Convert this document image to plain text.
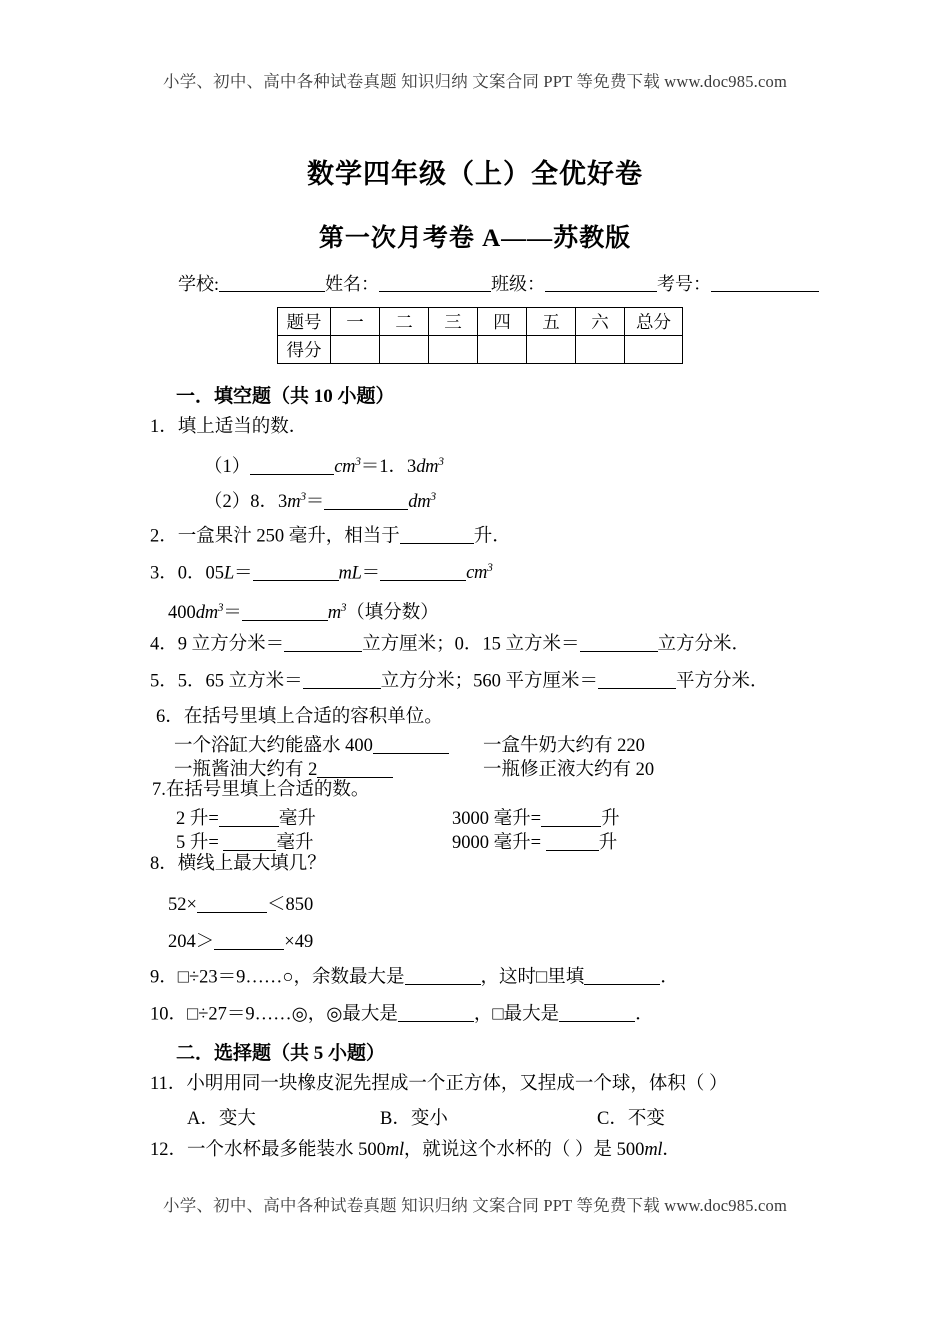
小学、初中、高中各种试卷真题 知识归纳 文案合同 PPT 等免费下载 www.doc985.com
数学四年级（上）全优好卷
第一次月考卷 A——苏教版
学校:	姓名：	班级：	考号：
题号	一	二	三	四	五	六	总分
得分							
一．填空题（共 10 小题）
1．填上适当的数．
（1）	$cm^3=1$．$3dm^3$
（2）8．$3m^3=$	$dm^3$
2．一盒果汁 250 毫升，相当于	升．
3．0．05L＝	mL＝	$cm^3$
$400dm^3=$	$m^3$（填分数）
4．9 立方分米＝	立方厘米；0．15 立方米＝	立方分米．
5．5．65 立方米＝	立方分米；560 平方厘米＝	平方分米．
6．在括号里填上合适的容积单位。
一个浴缸大约能盛水 400	一盒牛奶大约有 220
一瓶酱油大约有 2	一瓶修正液大约有 20
7.在括号里填上合适的数。
2 升=	毫升	3000 毫升=	升
5 升=	毫升	9000 毫升=	升
8．横线上最大填几？
52×	＜850
204＞	×49
9．□÷23＝9……○，余数最大是	，这时□里填	．
10．□÷27＝9……◎，◎最大是	，□最大是	．
二．选择题（共 5 小题）
11．小明用同一块橡皮泥先捏成一个正方体，又捏成一个球，体积（ ）
A．变大	B．变小	C．不变
12．一个水杯最多能装水 500ml，就说这个水杯的（ ）是 500ml．
小学、初中、高中各种试卷真题 知识归纳 文案合同 PPT 等免费下载 www.doc985.com
